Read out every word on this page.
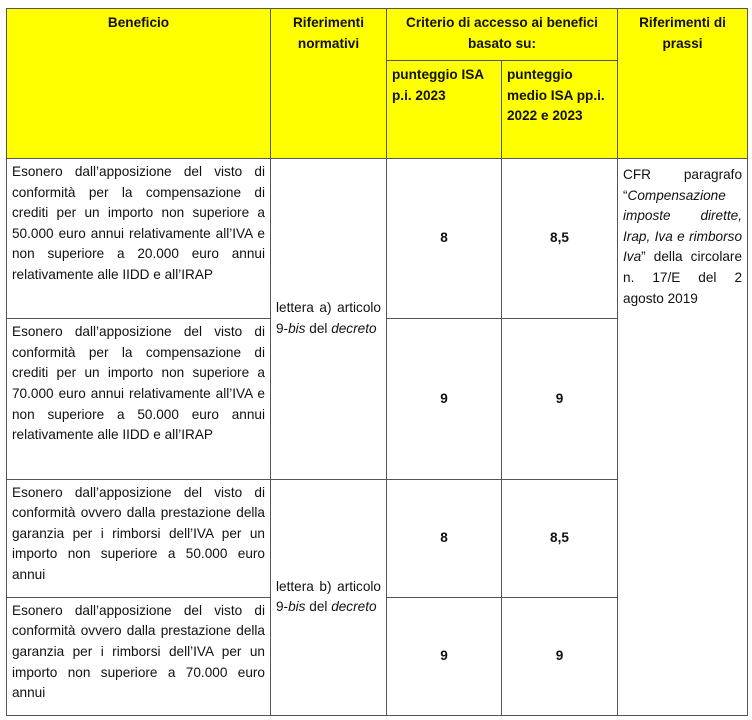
Beneficio	Riferimenti normativi	Criterio di accesso ai benefici basato su:		Riferimenti di prassi
		punteggio ISA p.i. 2023	punteggio medio ISA pp.i. 2022 e 2023	
Esonero dall’apposizione del visto di conformità per la compensazione di crediti per un importo non superiore a 50.000 euro annui relativamente all’IVA e non superiore a 20.000 euro annui relativamente alle IIDD e all’IRAP	lettera a) articolo 9-bis del decreto	8	8,5	CFR paragrafo “Compensazione imposte dirette, Irap, Iva e rimborso Iva” della circolare n. 17/E del 2 agosto 2019
Esonero dall’apposizione del visto di conformità per la compensazione di crediti per un importo non superiore a 70.000 euro annui relativamente all’IVA e non superiore a 50.000 euro annui relativamente alle IIDD e all’IRAP		9	9	
Esonero dall’apposizione del visto di conformità ovvero dalla prestazione della garanzia per i rimborsi dell’IVA per un importo non superiore a 50.000 euro annui	lettera b) articolo 9-bis del decreto	8	8,5	
Esonero dall’apposizione del visto di conformità ovvero dalla prestazione della garanzia per i rimborsi dell’IVA per un importo non superiore a 70.000 euro annui		9	9	
